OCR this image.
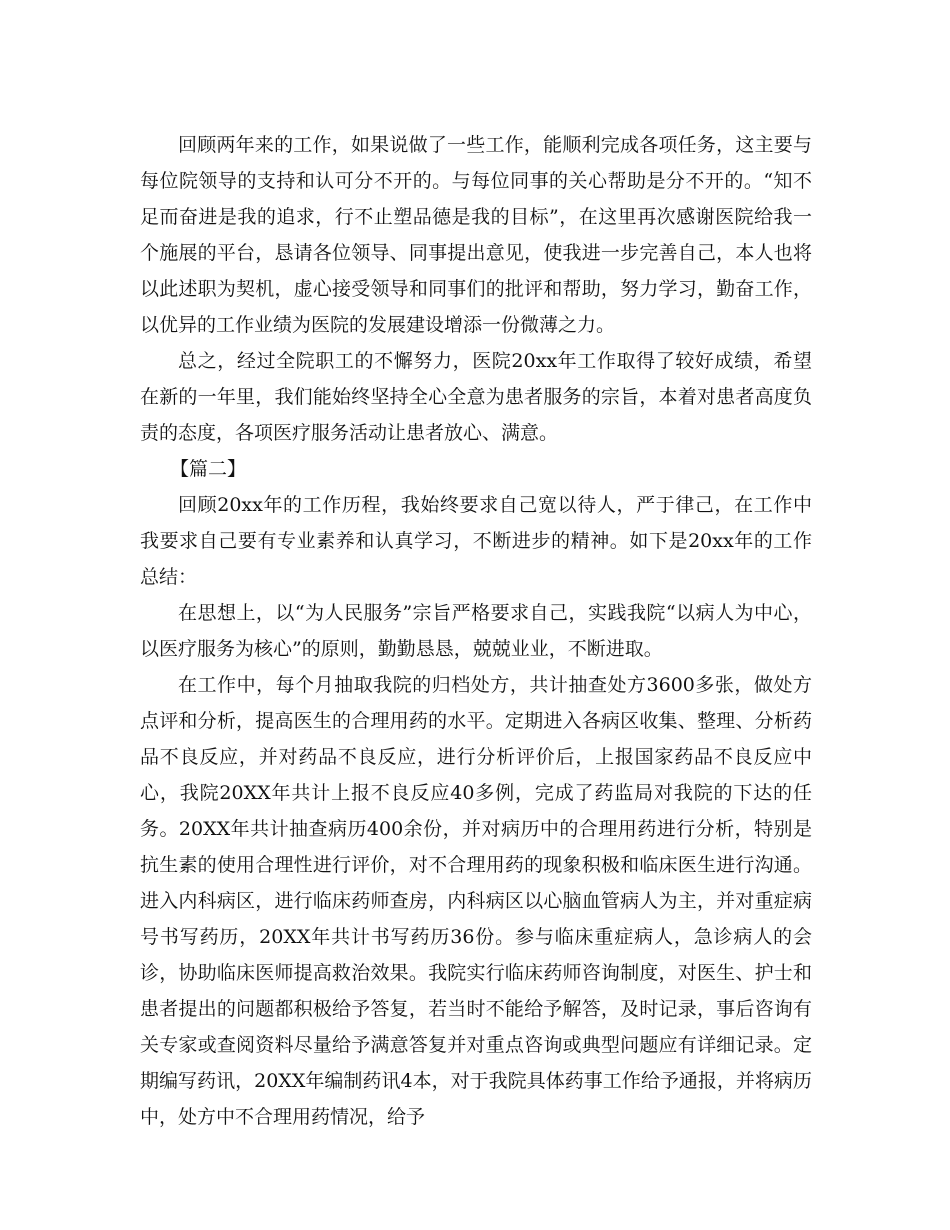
回顾两年来的工作，如果说做了一些工作，能顺利完成各项任务，这主要与每位院领导的支持和认可分不开的。与每位同事的关心帮助是分不开的。“知不足而奋进是我的追求，行不止塑品德是我的目标”，在这里再次感谢医院给我一个施展的平台，恳请各位领导、同事提出意见，使我进一步完善自己，本人也将以此述职为契机，虚心接受领导和同事们的批评和帮助，努力学习，勤奋工作，以优异的工作业绩为医院的发展建设增添一份微薄之力。

总之，经过全院职工的不懈努力，医院20xx年工作取得了较好成绩，希望在新的一年里，我们能始终坚持全心全意为患者服务的宗旨，本着对患者高度负责的态度，各项医疗服务活动让患者放心、满意。

【篇二】

回顾20xx年的工作历程，我始终要求自己宽以待人，严于律己，在工作中我要求自己要有专业素养和认真学习，不断进步的精神。如下是20xx年的工作总结：

在思想上，以“为人民服务”宗旨严格要求自己，实践我院“以病人为中心，以医疗服务为核心”的原则，勤勤恳恳，兢兢业业，不断进取。

在工作中，每个月抽取我院的归档处方，共计抽查处方3600多张，做处方点评和分析，提高医生的合理用药的水平。定期进入各病区收集、整理、分析药品不良反应，并对药品不良反应，进行分析评价后，上报国家药品不良反应中心，我院20XX年共计上报不良反应40多例，完成了药监局对我院的下达的任务。20XX年共计抽查病历400余份，并对病历中的合理用药进行分析，特别是抗生素的使用合理性进行评价，对不合理用药的现象积极和临床医生进行沟通。进入内科病区，进行临床药师查房，内科病区以心脑血管病人为主，并对重症病号书写药历，20XX年共计书写药历36份。参与临床重症病人，急诊病人的会诊，协助临床医师提高救治效果。我院实行临床药师咨询制度，对医生、护士和患者提出的问题都积极给予答复，若当时不能给予解答，及时记录，事后咨询有关专家或查阅资料尽量给予满意答复并对重点咨询或典型问题应有详细记录。定期编写药讯，20XX年编制药讯4本，对于我院具体药事工作给予通报，并将病历中，处方中不合理用药情况，给予
